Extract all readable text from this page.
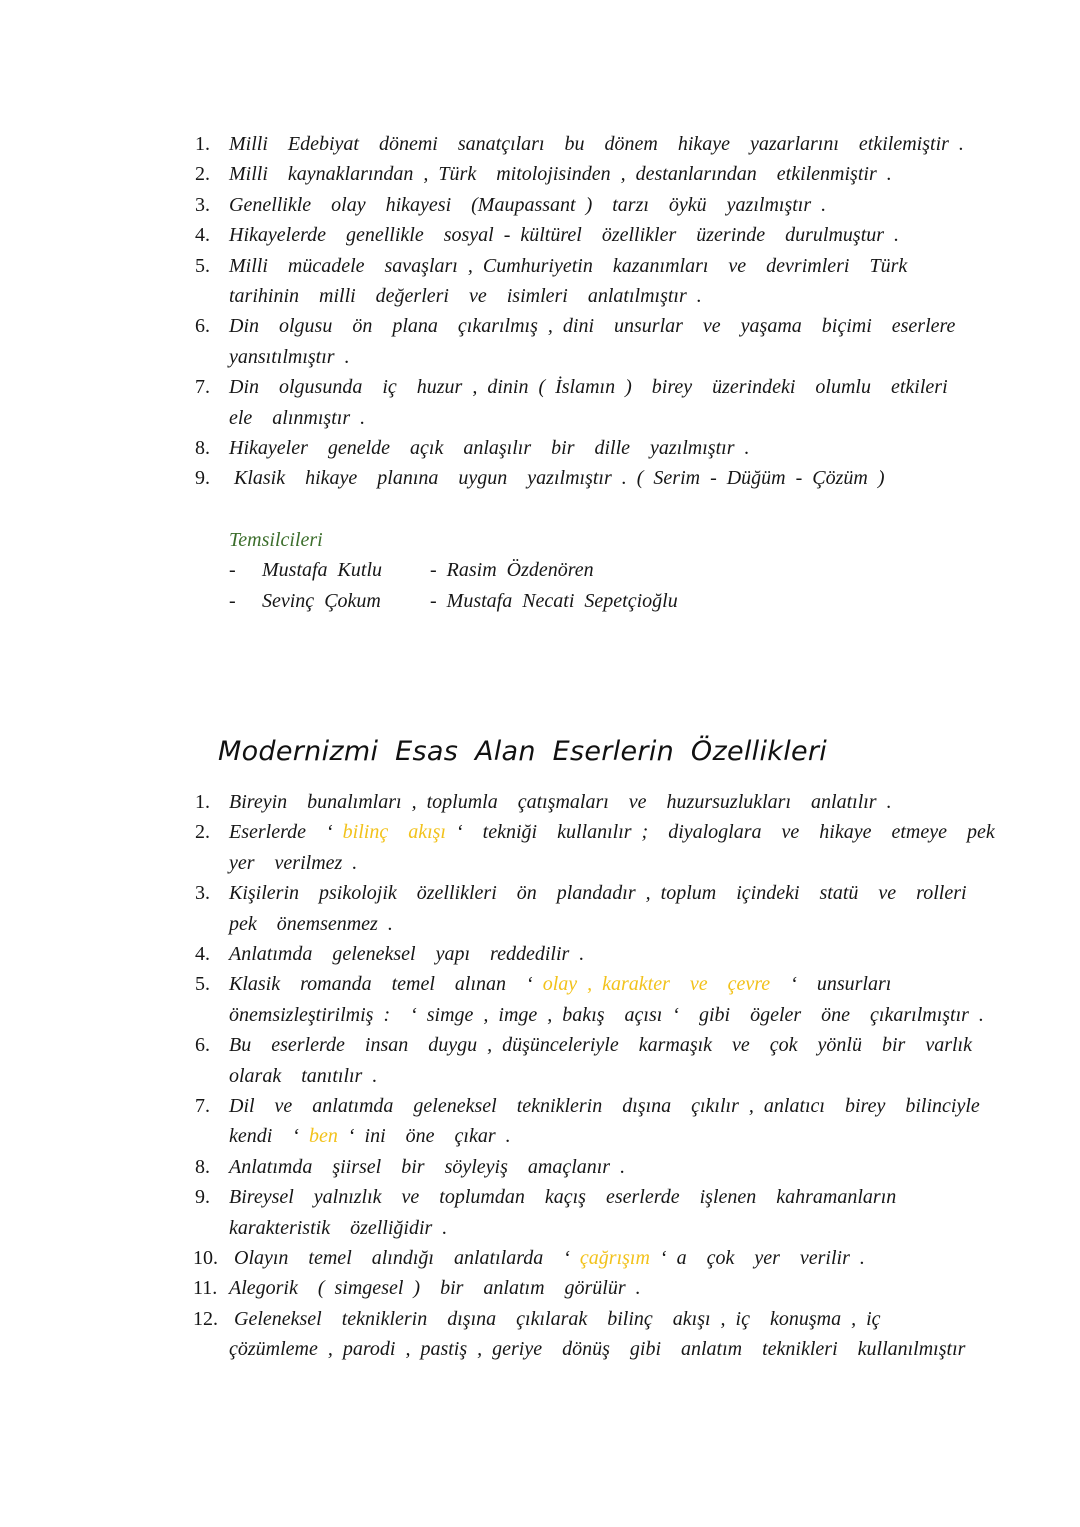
1. Milli  Edebiyat  dönemi  sanatçıları  bu  dönem  hikaye  yazarlarını  etkilemiştir .
2. Milli  kaynaklarından , Türk  mitolojisinden , destanlarından  etkilenmiştir .
3. Genellikle  olay  hikayesi  (Maupassant )  tarzı  öykü  yazılmıştır .
4. Hikayelerde  genellikle  sosyal - kültürel  özellikler  üzerinde  durulmuştur .
5. Milli  mücadele  savaşları , Cumhuriyetin  kazanımları  ve  devrimleri  Türk
tarihinin  milli  değerleri  ve  isimleri  anlatılmıştır .
6. Din  olgusu  ön  plana  çıkarılmış , dini  unsurlar  ve  yaşama  biçimi  eserlere
yansıtılmıştır .
7. Din  olgusunda  iç  huzur , dinin ( İslamın )  birey  üzerindeki  olumlu  etkileri
ele  alınmıştır .
8. Hikayeler  genelde  açık  anlaşılır  bir  dille  yazılmıştır .
9. Klasik  hikaye  planına  uygun  yazılmıştır . ( Serim - Düğüm - Çözüm )
Temsilcileri
- Mustafa Kutlu - Rasim Özdenören
- Sevinç Çokum - Mustafa Necati Sepetçioğlu
Modernizmi Esas Alan Eserlerin Özellikleri
1. Bireyin  bunalımları , toplumla  çatışmaları  ve  huzursuzlukları  anlatılır .
2. Eserlerde  ‘ bilinç  akışı ‘  tekniği  kullanılır ;  diyaloglara  ve  hikaye  etmeye  pek
yer  verilmez .
3. Kişilerin  psikolojik  özellikleri  ön  plandadır , toplum  içindeki  statü  ve  rolleri
pek  önemsenmez .
4. Anlatımda  geleneksel  yapı  reddedilir .
5. Klasik  romanda  temel  alınan  ‘ olay , karakter  ve  çevre  ‘  unsurları
önemsizleştirilmiş :  ‘ simge , imge , bakış  açısı ‘  gibi  ögeler  öne  çıkarılmıştır .
6. Bu  eserlerde  insan  duygu , düşünceleriyle  karmaşık  ve  çok  yönlü  bir  varlık
olarak  tanıtılır .
7. Dil  ve  anlatımda  geleneksel  tekniklerin  dışına  çıkılır , anlatıcı  birey  bilinciyle
kendi  ‘ ben ‘ ini  öne  çıkar .
8. Anlatımda  şiirsel  bir  söyleyiş  amaçlanır .
9. Bireysel  yalnızlık  ve  toplumdan  kaçış  eserlerde  işlenen  kahramanların
karakteristik  özelliğidir .
10. Olayın  temel  alındığı  anlatılarda  ‘ çağrışım ‘ a  çok  yer  verilir .
11. Alegorik  ( simgesel )  bir  anlatım  görülür .
12. Geleneksel  tekniklerin  dışına  çıkılarak  bilinç  akışı , iç  konuşma , iç
çözümleme , parodi , pastiş , geriye  dönüş  gibi  anlatım  teknikleri  kullanılmıştır
